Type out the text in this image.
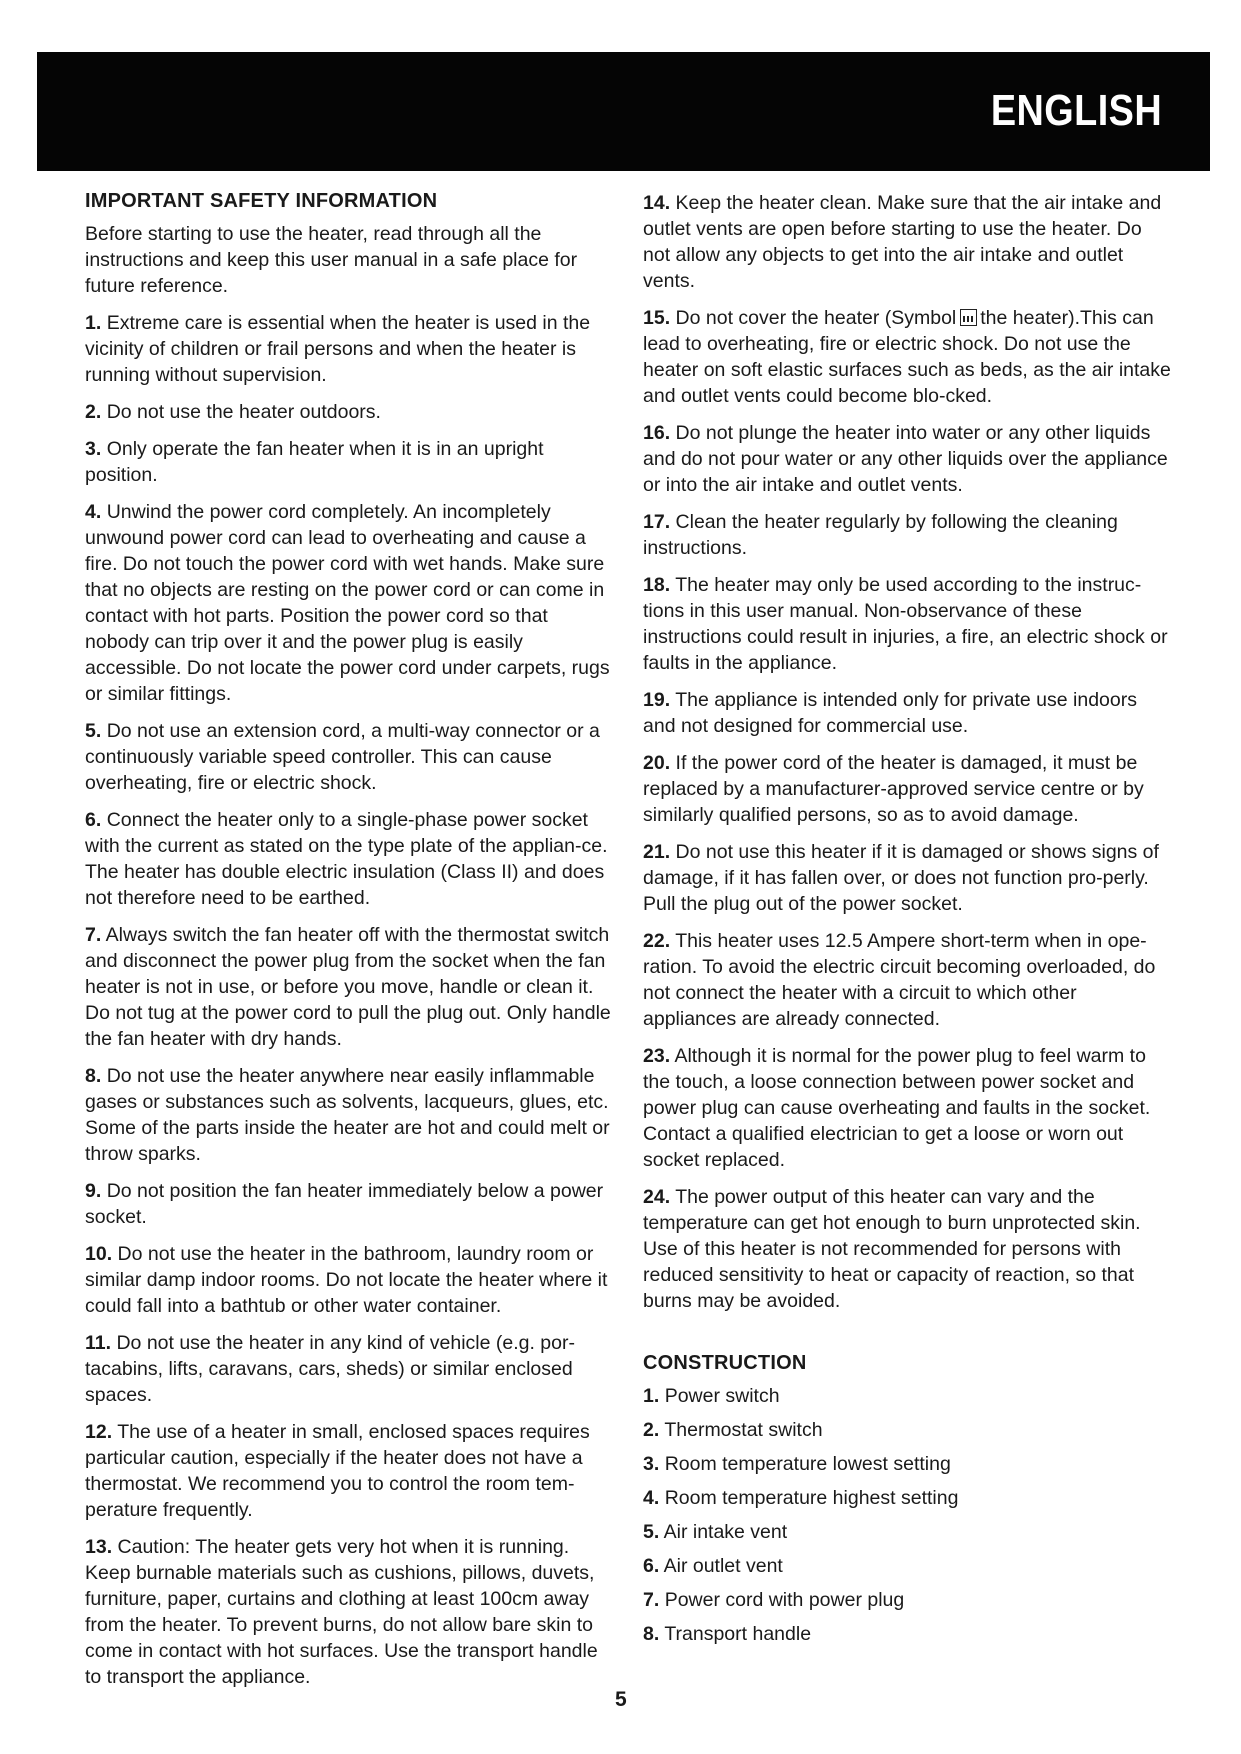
ENGLISH
IMPORTANT SAFETY INFORMATION

Before starting to use the heater, read through all the instructions and keep this user manual in a safe place for future reference.

1. Extreme care is essential when the heater is used in the vicinity of children or frail persons and when the heater is running without supervision.

2. Do not use the heater outdoors.

3. Only operate the fan heater when it is in an upright position.

4. Unwind the power cord completely. An incompletely unwound power cord can lead to overheating and cause a fire. Do not touch the power cord with wet hands. Make sure that no objects are resting on the power cord or can come in contact with hot parts. Position the power cord so that nobody can trip over it and the power plug is easily accessible. Do not locate the power cord under carpets, rugs or similar fittings.

5. Do not use an extension cord, a multi-way connector or a continuously variable speed controller. This can cause overheating, fire or electric shock.

6. Connect the heater only to a single-phase power socket with the current as stated on the type plate of the applian-ce. The heater has double electric insulation (Class II) and does not therefore need to be earthed.

7. Always switch the fan heater off with the thermostat switch and disconnect the power plug from the socket when the fan heater is not in use, or before you move, handle or clean it. Do not tug at the power cord to pull the plug out. Only handle the fan heater with dry hands.

8. Do not use the heater anywhere near easily inflammable gases or substances such as solvents, lacqueurs, glues, etc. Some of the parts inside the heater are hot and could melt or throw sparks.

9. Do not position the fan heater immediately below a power socket.

10. Do not use the heater in the bathroom, laundry room or similar damp indoor rooms. Do not locate the heater where it could fall into a bathtub or other water container.

11. Do not use the heater in any kind of vehicle (e.g. por-tacabins, lifts, caravans, cars, sheds) or similar enclosed spaces.

12. The use of a heater in small, enclosed spaces requires particular caution, especially if the heater does not have a thermostat. We recommend you to control the room tem-perature frequently.

13. Caution: The heater gets very hot when it is running. Keep burnable materials such as cushions, pillows, duvets, furniture, paper, curtains and clothing at least 100cm away from the heater. To prevent burns, do not allow bare skin to come in contact with hot surfaces. Use the transport handle to transport the appliance.

14. Keep the heater clean. Make sure that the air intake and outlet vents are open before starting to use the heater. Do not allow any objects to get into the air intake and outlet vents.

15. Do not cover the heater (Symbol the heater).This can lead to overheating, fire or electric shock. Do not use the heater on soft elastic surfaces such as beds, as the air intake and outlet vents could become blo-cked.

16. Do not plunge the heater into water or any other liquids and do not pour water or any other liquids over the appliance or into the air intake and outlet vents.

17. Clean the heater regularly by following the cleaning instructions.

18. The heater may only be used according to the instruc-tions in this user manual. Non-observance of these instructions could result in injuries, a fire, an electric shock or faults in the appliance.

19. The appliance is intended only for private use indoors and not designed for commercial use.

20. If the power cord of the heater is damaged, it must be replaced by a manufacturer-approved service centre or by similarly qualified persons, so as to avoid damage.

21. Do not use this heater if it is damaged or shows signs of damage, if it has fallen over, or does not function pro-perly. Pull the plug out of the power socket.

22. This heater uses 12.5 Ampere short-term when in ope-ration. To avoid the electric circuit becoming overloaded, do not connect the heater with a circuit to which other appliances are already connected.

23. Although it is normal for the power plug to feel warm to the touch, a loose connection between power socket and power plug can cause overheating and faults in the socket. Contact a qualified electrician to get a loose or worn out socket replaced.

24. The power output of this heater can vary and the temperature can get hot enough to burn unprotected skin. Use of this heater is not recommended for persons with reduced sensitivity to heat or capacity of reaction, so that burns may be avoided.

CONSTRUCTION

1. Power switch

2. Thermostat switch

3. Room temperature lowest setting

4. Room temperature highest setting

5. Air intake vent

6. Air outlet vent

7. Power cord with power plug

8. Transport handle

5
